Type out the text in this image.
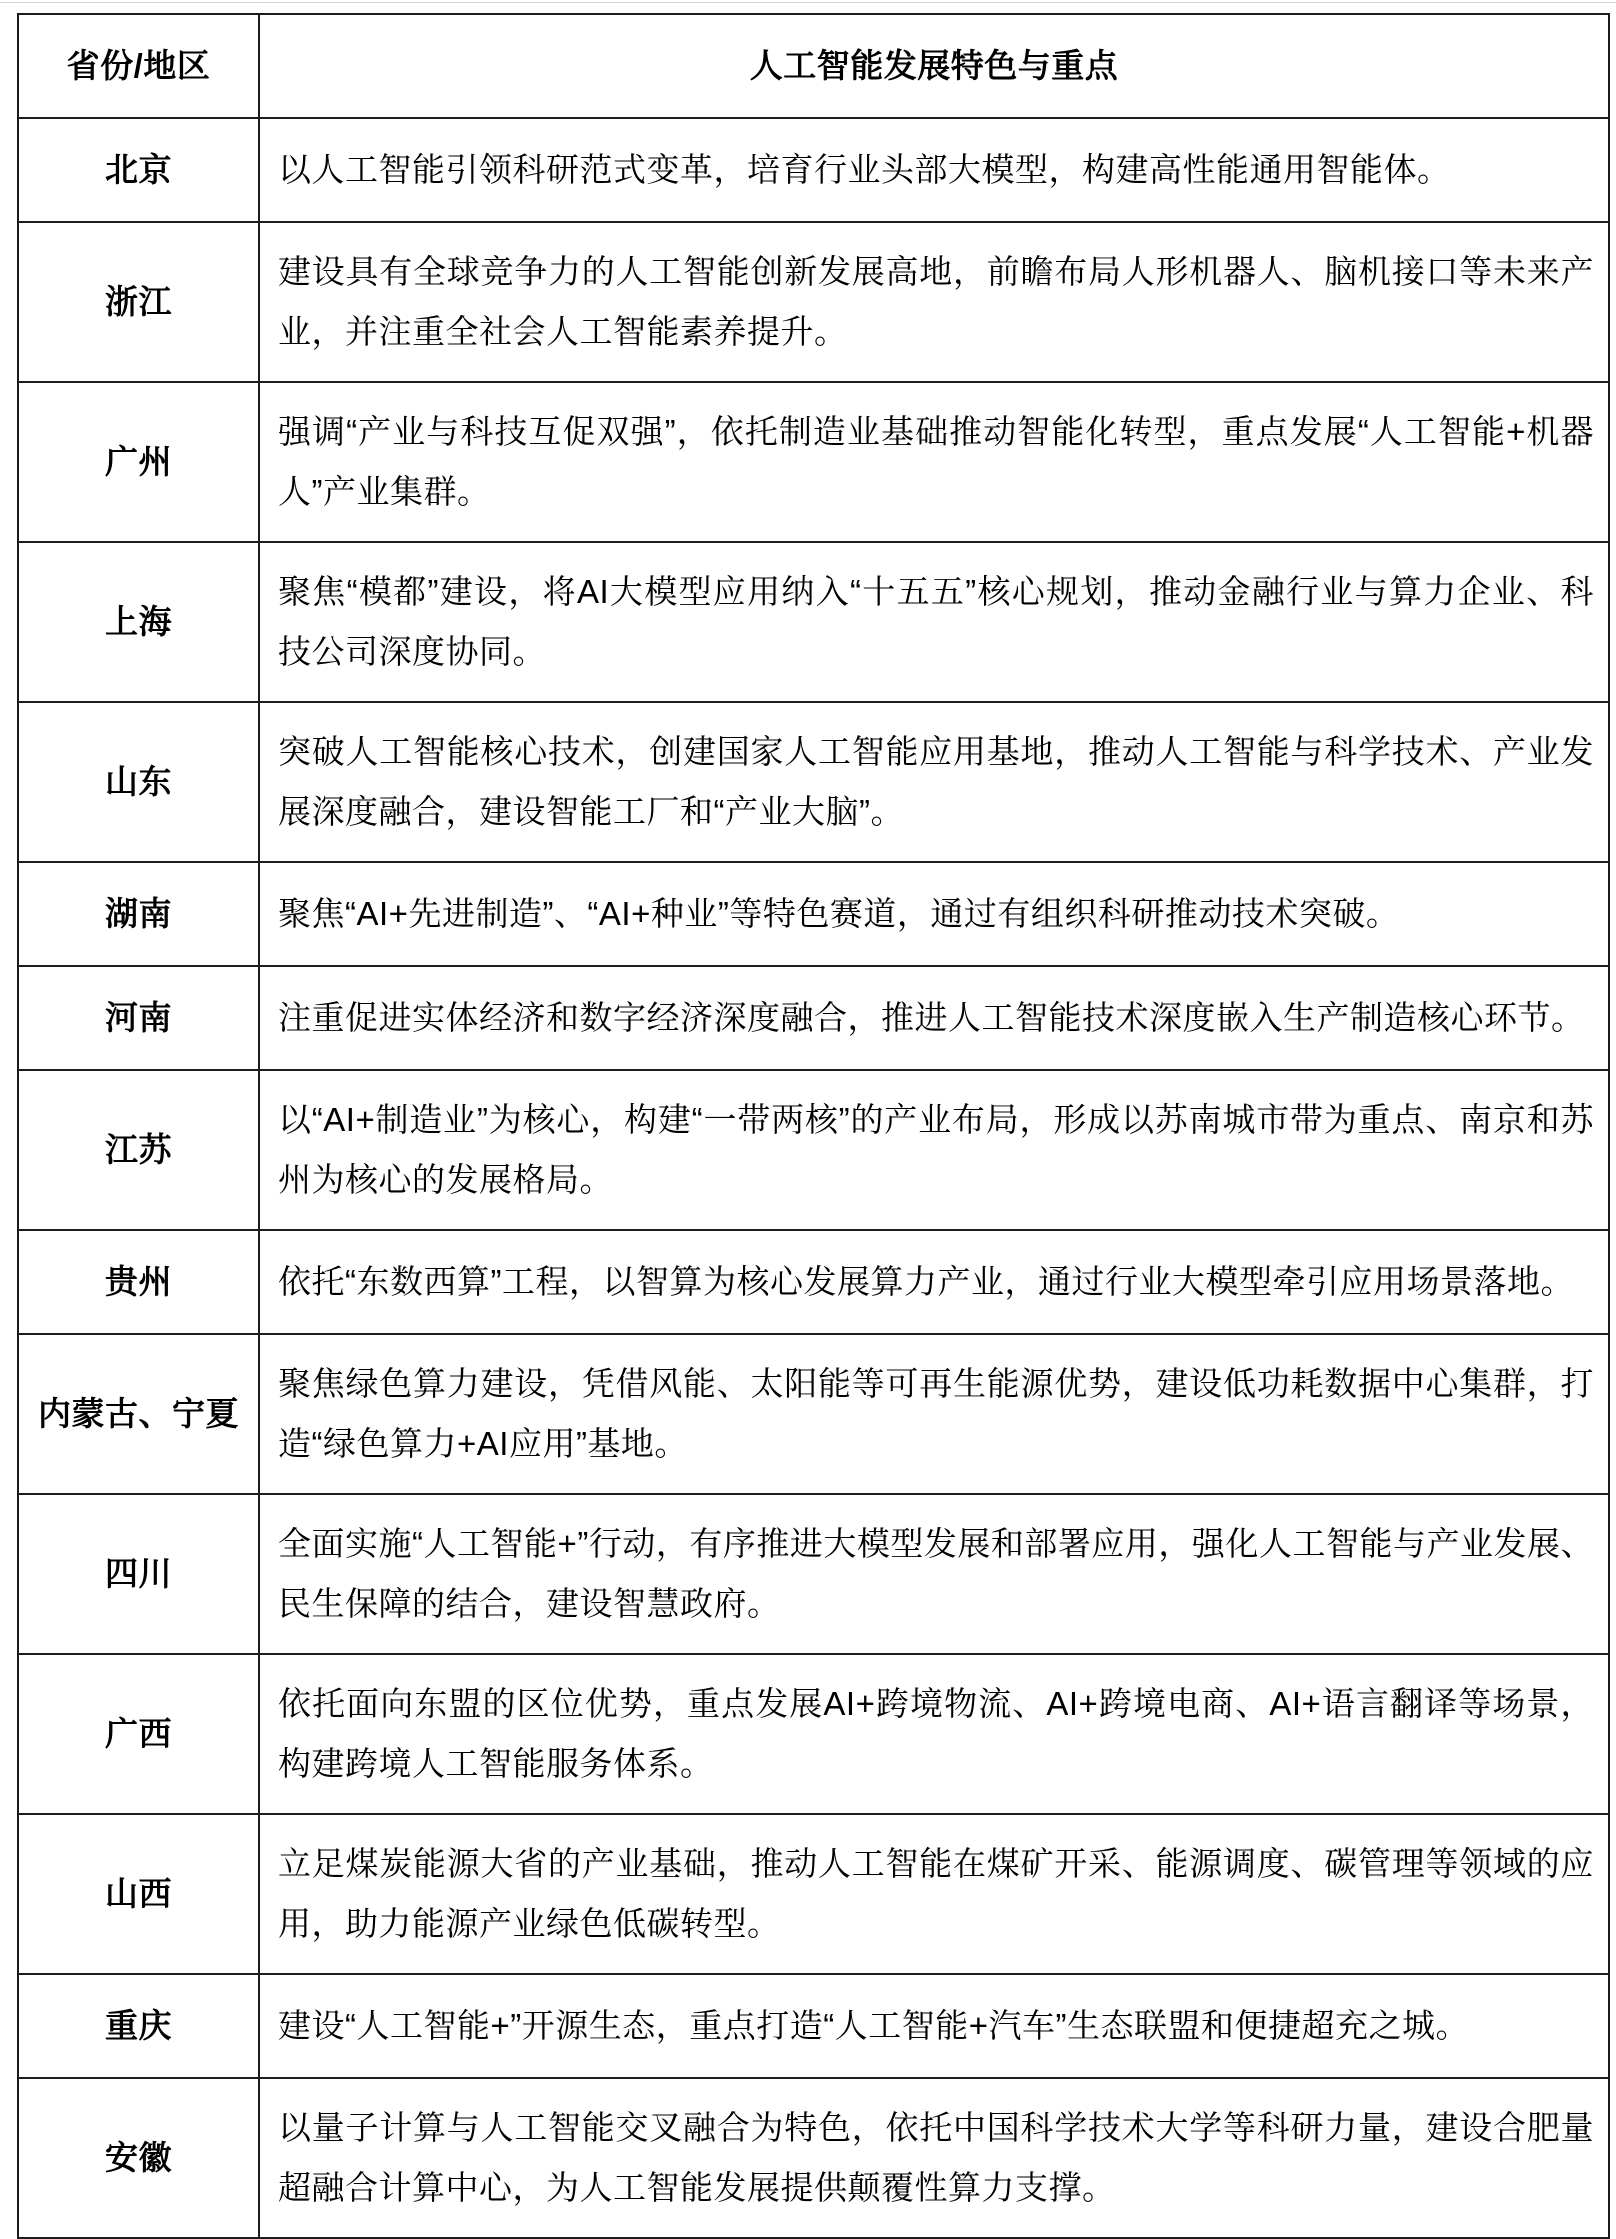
省份/地区	人工智能发展特色与重点
北京	以人工智能引领科研范式变革，培育行业头部大模型，构建高性能通用智能体。
浙江	建设具有全球竞争力的人工智能创新发展高地，前瞻布局人形机器人、脑机接口等未来产业，并注重全社会人工智能素养提升。
广州	强调“产业与科技互促双强”，依托制造业基础推动智能化转型，重点发展“人工智能+机器人”产业集群。
上海	聚焦“模都”建设，将AI大模型应用纳入“十五五”核心规划，推动金融行业与算力企业、科技公司深度协同。
山东	突破人工智能核心技术，创建国家人工智能应用基地，推动人工智能与科学技术、产业发展深度融合，建设智能工厂和“产业大脑”。
湖南	聚焦“AI+先进制造”、“AI+种业”等特色赛道，通过有组织科研推动技术突破。
河南	注重促进实体经济和数字经济深度融合，推进人工智能技术深度嵌入生产制造核心环节。
江苏	以“AI+制造业”为核心，构建“一带两核”的产业布局，形成以苏南城市带为重点、南京和苏州为核心的发展格局。
贵州	依托“东数西算”工程，以智算为核心发展算力产业，通过行业大模型牵引应用场景落地。
内蒙古、宁夏	聚焦绿色算力建设，凭借风能、太阳能等可再生能源优势，建设低功耗数据中心集群，打造“绿色算力+AI应用”基地。
四川	全面实施“人工智能+”行动，有序推进大模型发展和部署应用，强化人工智能与产业发展、民生保障的结合，建设智慧政府。
广西	依托面向东盟的区位优势，重点发展AI+跨境物流、AI+跨境电商、AI+语言翻译等场景，构建跨境人工智能服务体系。
山西	立足煤炭能源大省的产业基础，推动人工智能在煤矿开采、能源调度、碳管理等领域的应用，助力能源产业绿色低碳转型。
重庆	建设“人工智能+”开源生态，重点打造“人工智能+汽车”生态联盟和便捷超充之城。
安徽	以量子计算与人工智能交叉融合为特色，依托中国科学技术大学等科研力量，建设合肥量超融合计算中心，为人工智能发展提供颠覆性算力支撑。
